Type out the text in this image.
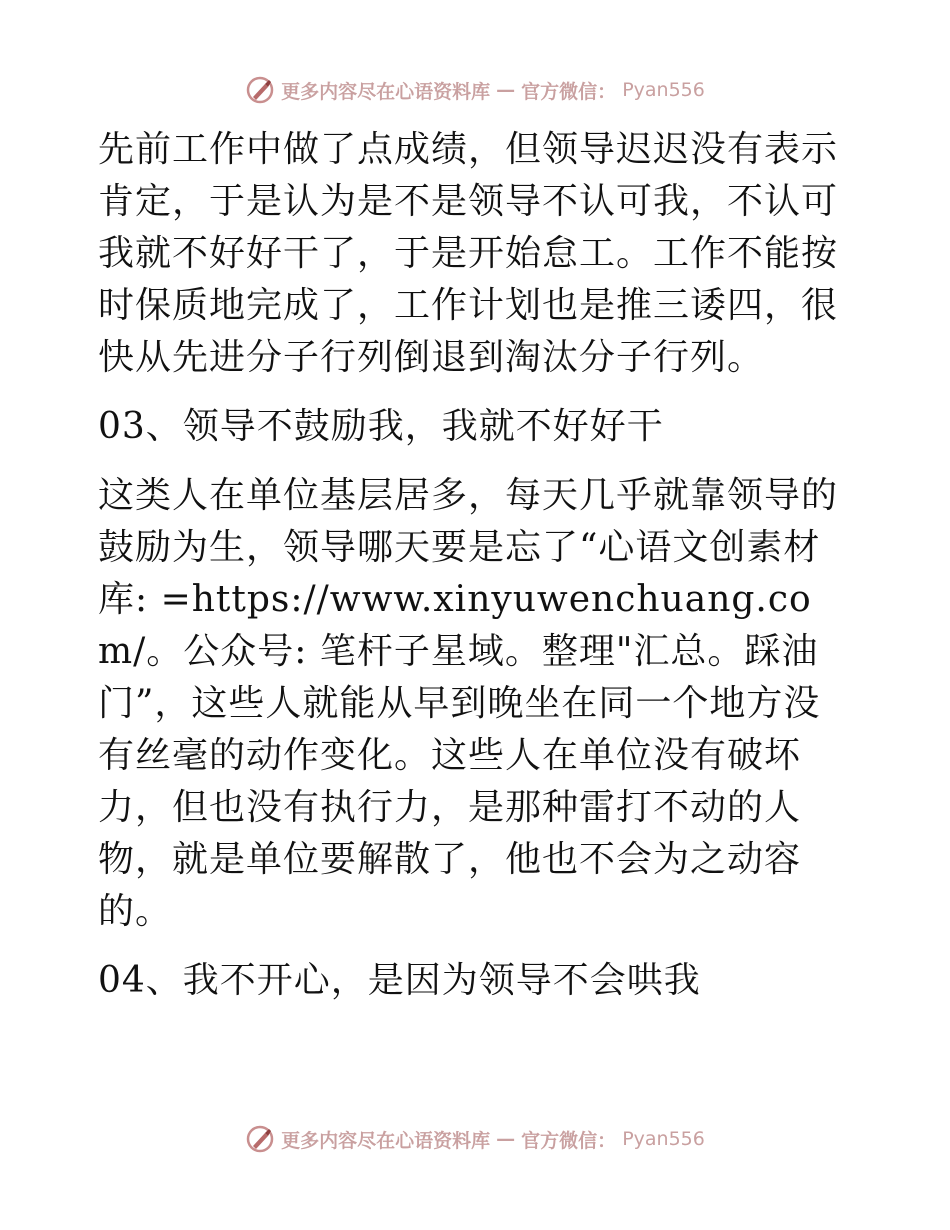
更多内容尽在心语资料库 — 官方微信： Pyan556

先前工作中做了点成绩，但领导迟迟没有表示肯定，于是认为是不是领导不认可我，不认可我就不好好干了，于是开始怠工。工作不能按时保质地完成了，工作计划也是推三诿四，很快从先进分子行列倒退到淘汰分子行列。

03、领导不鼓励我，我就不好好干

这类人在单位基层居多，每天几乎就靠领导的鼓励为生，领导哪天要是忘了“心语文创素材库: =https://www.xinyuwenchuang.com/。公众号: 笔杆子星域。整理"汇总。踩油门”，这些人就能从早到晚坐在同一个地方没有丝毫的动作变化。这些人在单位没有破坏力，但也没有执行力，是那种雷打不动的人物，就是单位要解散了，他也不会为之动容的。

04、我不开心，是因为领导不会哄我

更多内容尽在心语资料库 — 官方微信： Pyan556
